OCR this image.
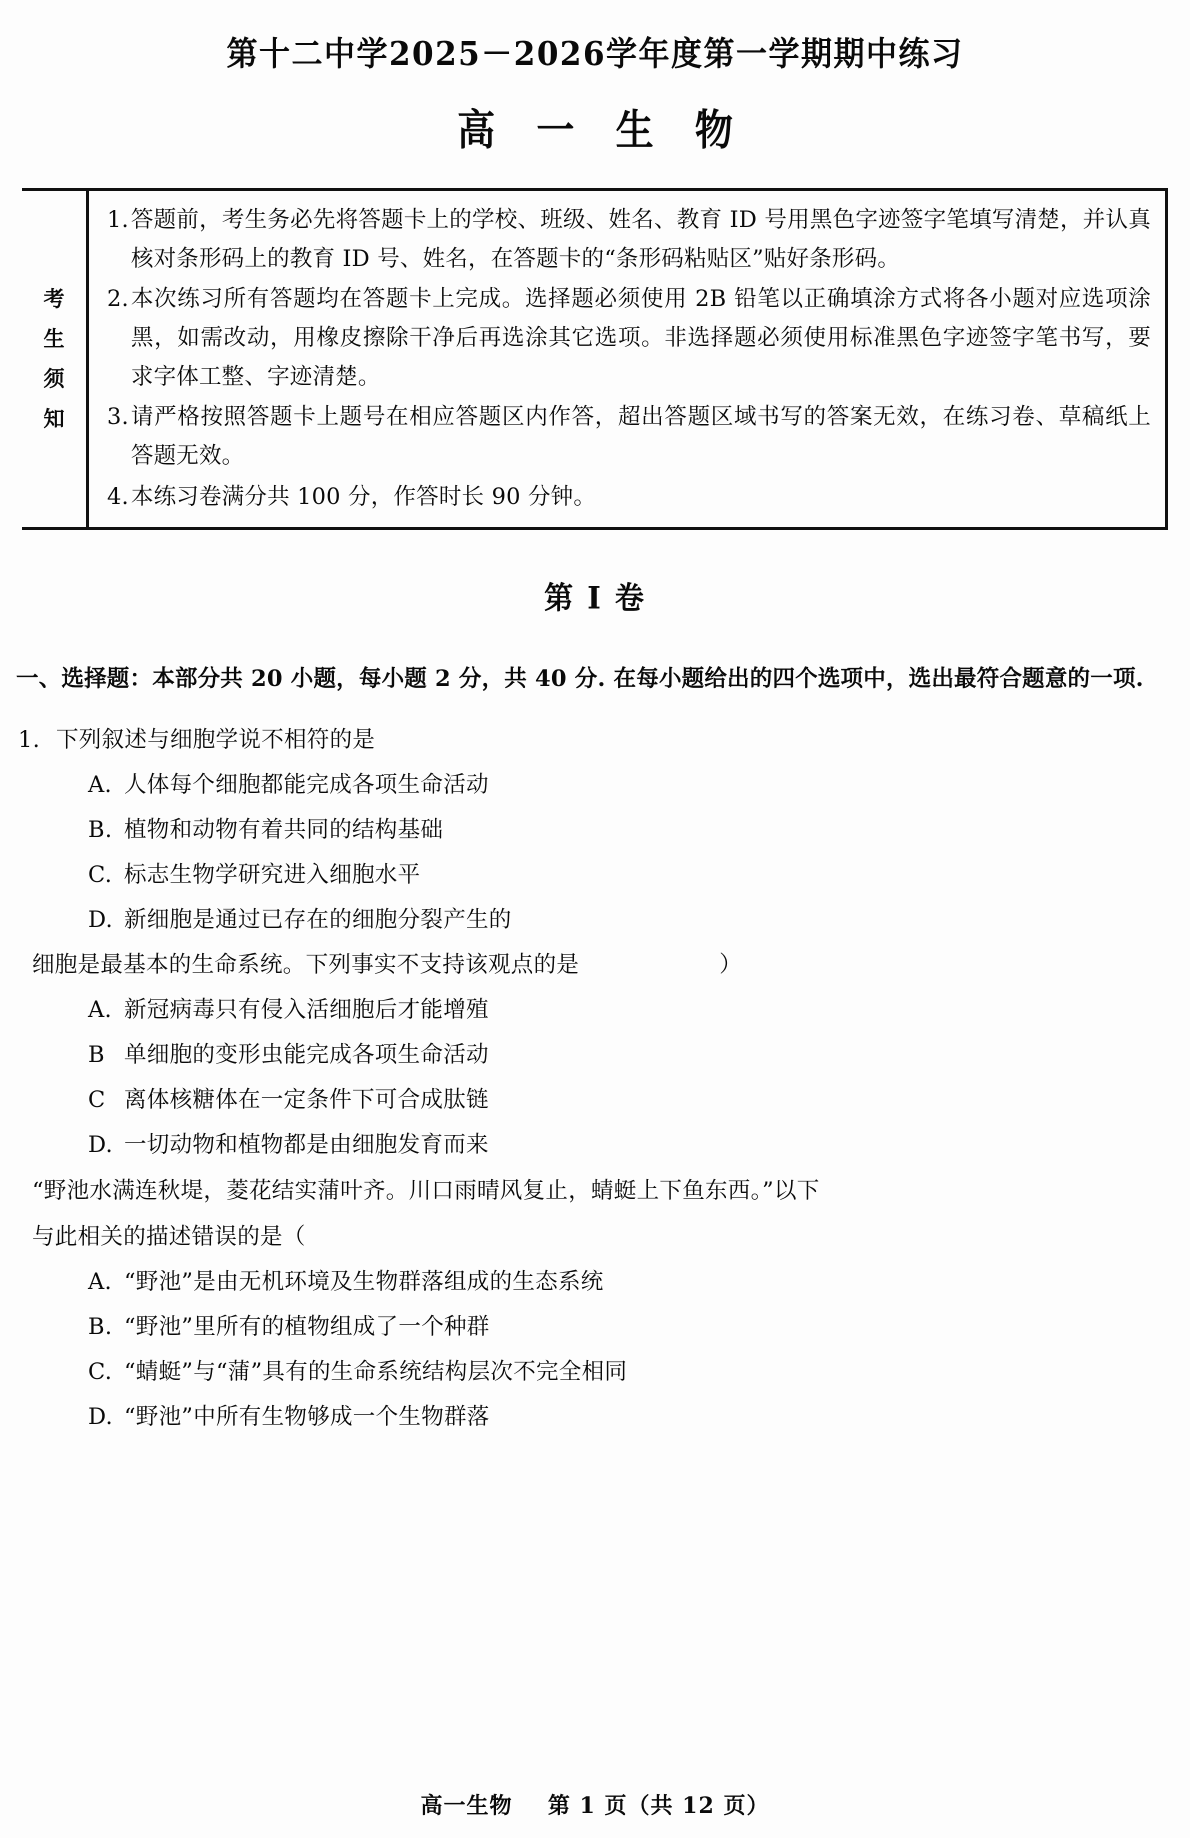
第十二中学2025－2026学年度第一学期期中练习
高 一 生 物
考
生
须
知
1. 答题前，考生务必先将答题卡上的学校、班级、姓名、教育 ID 号用黑色字迹签字笔填写清楚，并认真核对条形码上的教育 ID 号、姓名，在答题卡的“条形码粘贴区”贴好条形码。
2. 本次练习所有答题均在答题卡上完成。选择题必须使用 2B 铅笔以正确填涂方式将各小题对应选项涂黑，如需改动，用橡皮擦除干净后再选涂其它选项。非选择题必须使用标准黑色字迹签字笔书写，要求字体工整、字迹清楚。
3. 请严格按照答题卡上题号在相应答题区内作答，超出答题区域书写的答案无效，在练习卷、草稿纸上答题无效。
4. 本练习卷满分共 100 分，作答时长 90 分钟。
第 I 卷
一、选择题：本部分共 20 小题，每小题 2 分，共 40 分. 在每小题给出的四个选项中，选出最符合题意的一项.
1. 下列叙述与细胞学说不相符的是
A. 人体每个细胞都能完成各项生命活动
B. 植物和动物有着共同的结构基础
C. 标志生物学研究进入细胞水平
D. 新细胞是通过已存在的细胞分裂产生的
细胞是最基本的生命系统。下列事实不支持该观点的是	）
A. 新冠病毒只有侵入活细胞后才能增殖
B 单细胞的变形虫能完成各项生命活动
C 离体核糖体在一定条件下可合成肽链
D. 一切动物和植物都是由细胞发育而来
“野池水满连秋堤，菱花结实蒲叶齐。川口雨晴风复止，蜻蜓上下鱼东西。”以下
与此相关的描述错误的是（
A. “野池”是由无机环境及生物群落组成的生态系统
B. “野池”里所有的植物组成了一个种群
C. “蜻蜓”与“蒲”具有的生命系统结构层次不完全相同
D. “野池”中所有生物够成一个生物群落
高一生物 第 1 页（共 12 页）
